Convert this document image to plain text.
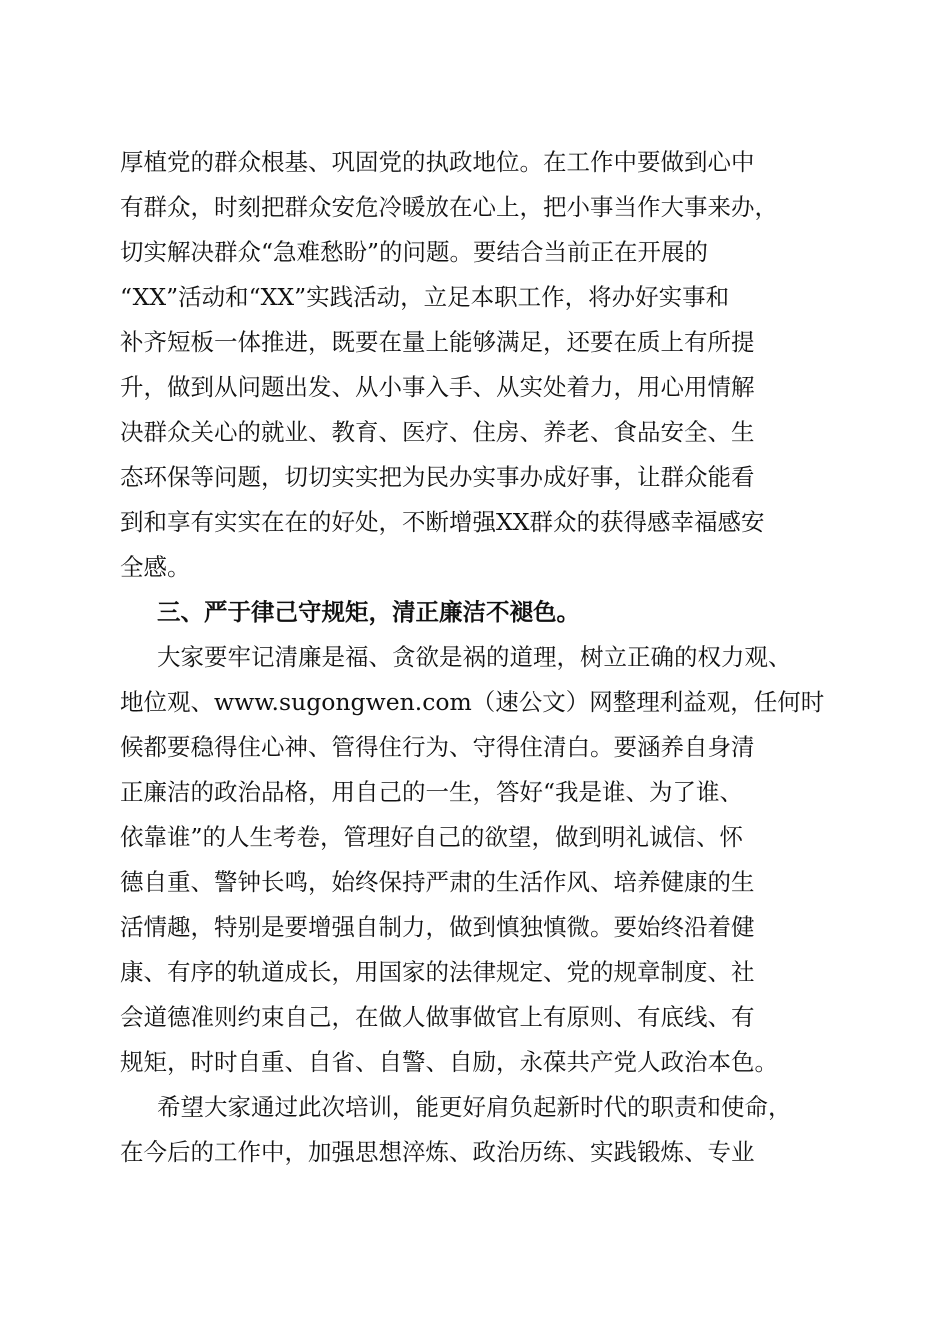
厚植党的群众根基、巩固党的执政地位。在工作中要做到心中
有群众，时刻把群众安危冷暖放在心上，把小事当作大事来办，
切实解决群众“急难愁盼”的问题。要结合当前正在开展的
“XX”活动和“XX”实践活动，立足本职工作，将办好实事和
补齐短板一体推进，既要在量上能够满足，还要在质上有所提
升，做到从问题出发、从小事入手、从实处着力，用心用情解
决群众关心的就业、教育、医疗、住房、养老、食品安全、生
态环保等问题，切切实实把为民办实事办成好事，让群众能看
到和享有实实在在的好处，不断增强XX群众的获得感幸福感安
全感。
三、严于律己守规矩，清正廉洁不褪色。
大家要牢记清廉是福、贪欲是祸的道理，树立正确的权力观、
地位观、www.sugongwen.com（速公文）网整理利益观，任何时
候都要稳得住心神、管得住行为、守得住清白。要涵养自身清
正廉洁的政治品格，用自己的一生，答好“我是谁、为了谁、
依靠谁”的人生考卷，管理好自己的欲望，做到明礼诚信、怀
德自重、警钟长鸣，始终保持严肃的生活作风、培养健康的生
活情趣，特别是要增强自制力，做到慎独慎微。要始终沿着健
康、有序的轨道成长，用国家的法律规定、党的规章制度、社
会道德准则约束自己，在做人做事做官上有原则、有底线、有
规矩，时时自重、自省、自警、自励，永葆共产党人政治本色。
希望大家通过此次培训，能更好肩负起新时代的职责和使命，
在今后的工作中，加强思想淬炼、政治历练、实践锻炼、专业
